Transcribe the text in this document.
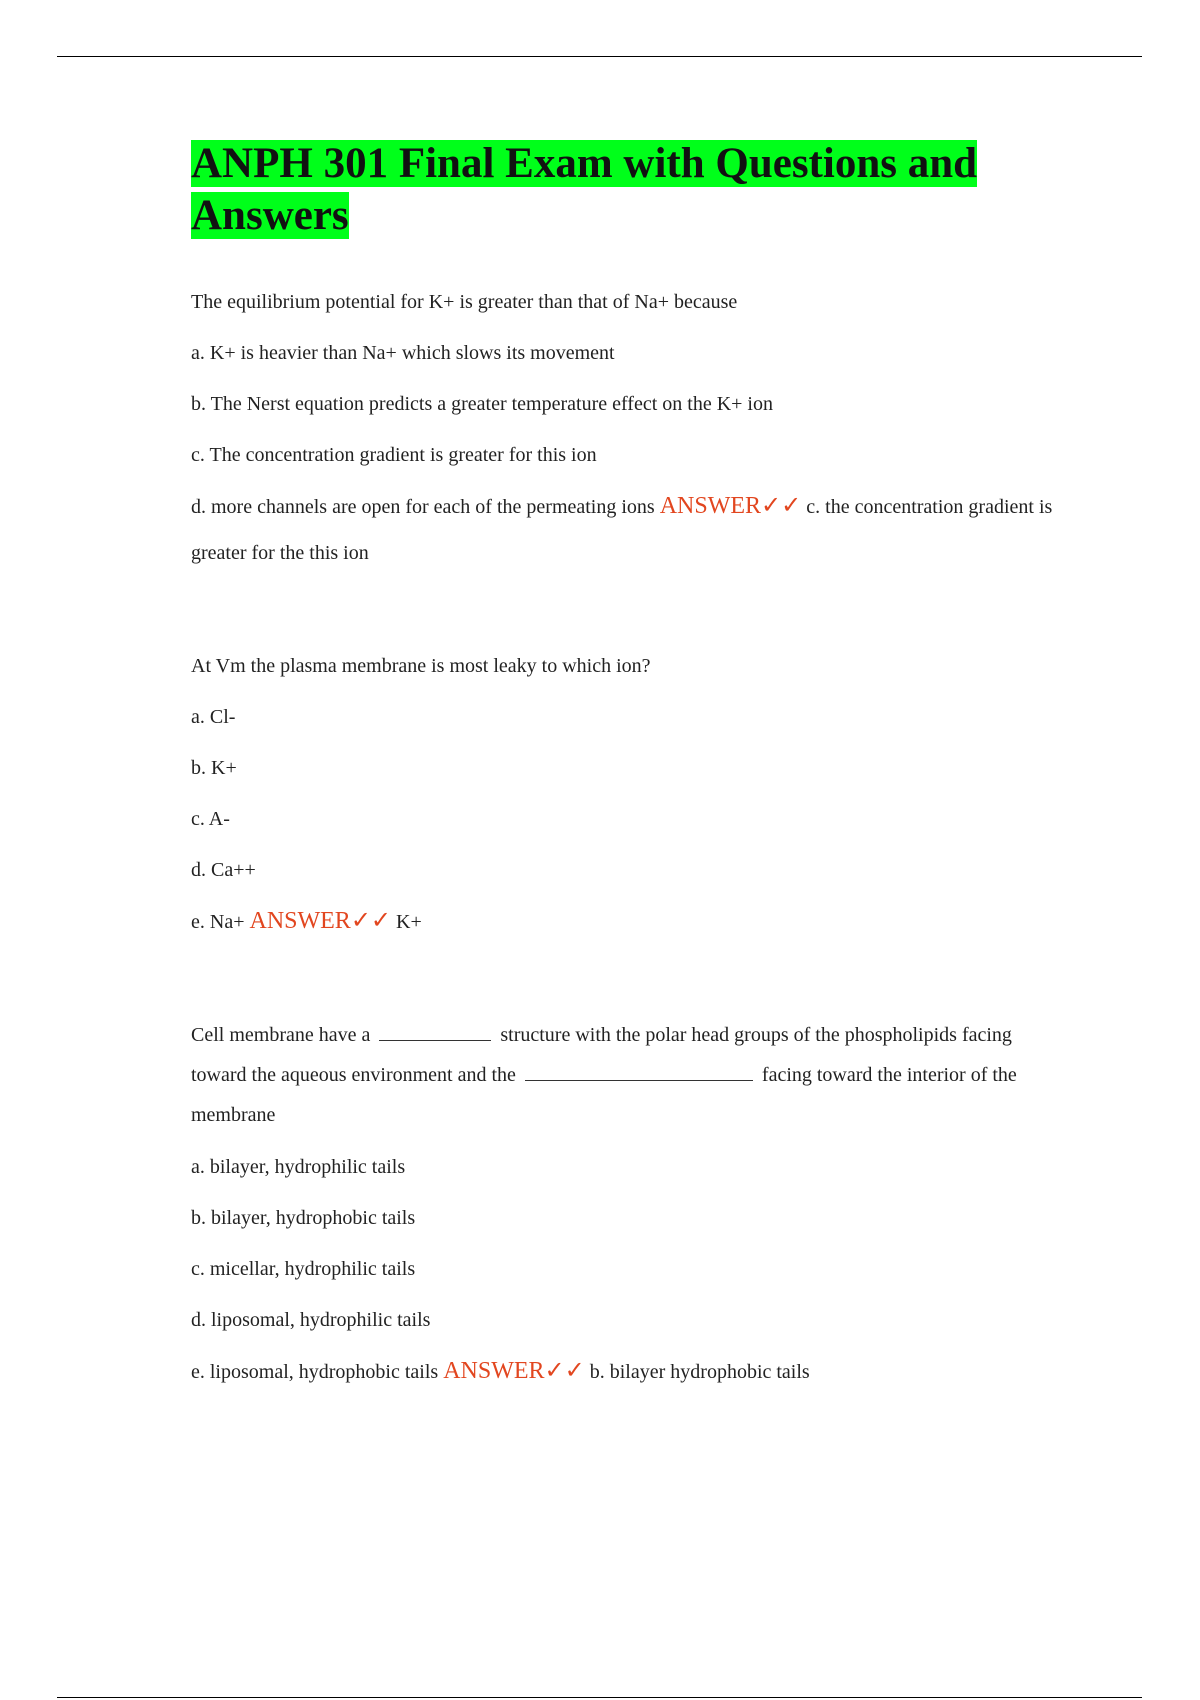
ANPH 301 Final Exam with Questions and
Answers

The equilibrium potential for K+ is greater than that of Na+ because

a. K+ is heavier than Na+ which slows its movement

b. The Nerst equation predicts a greater temperature effect on the K+ ion

c. The concentration gradient is greater for this ion

d. more channels are open for each of the permeating ions ANSWER✓✓ c. the concentration gradient is greater for the this ion

At Vm the plasma membrane is most leaky to which ion?

a. Cl-

b. K+

c. A-

d. Ca++

e. Na+ ANSWER✓✓ K+

Cell membrane have a	structure with the polar head groups of the phospholipids facing toward the aqueous environment and the	facing toward the interior of the membrane

a. bilayer, hydrophilic tails

b. bilayer, hydrophobic tails

c. micellar, hydrophilic tails

d. liposomal, hydrophilic tails

e. liposomal, hydrophobic tails ANSWER✓✓ b. bilayer hydrophobic tails
